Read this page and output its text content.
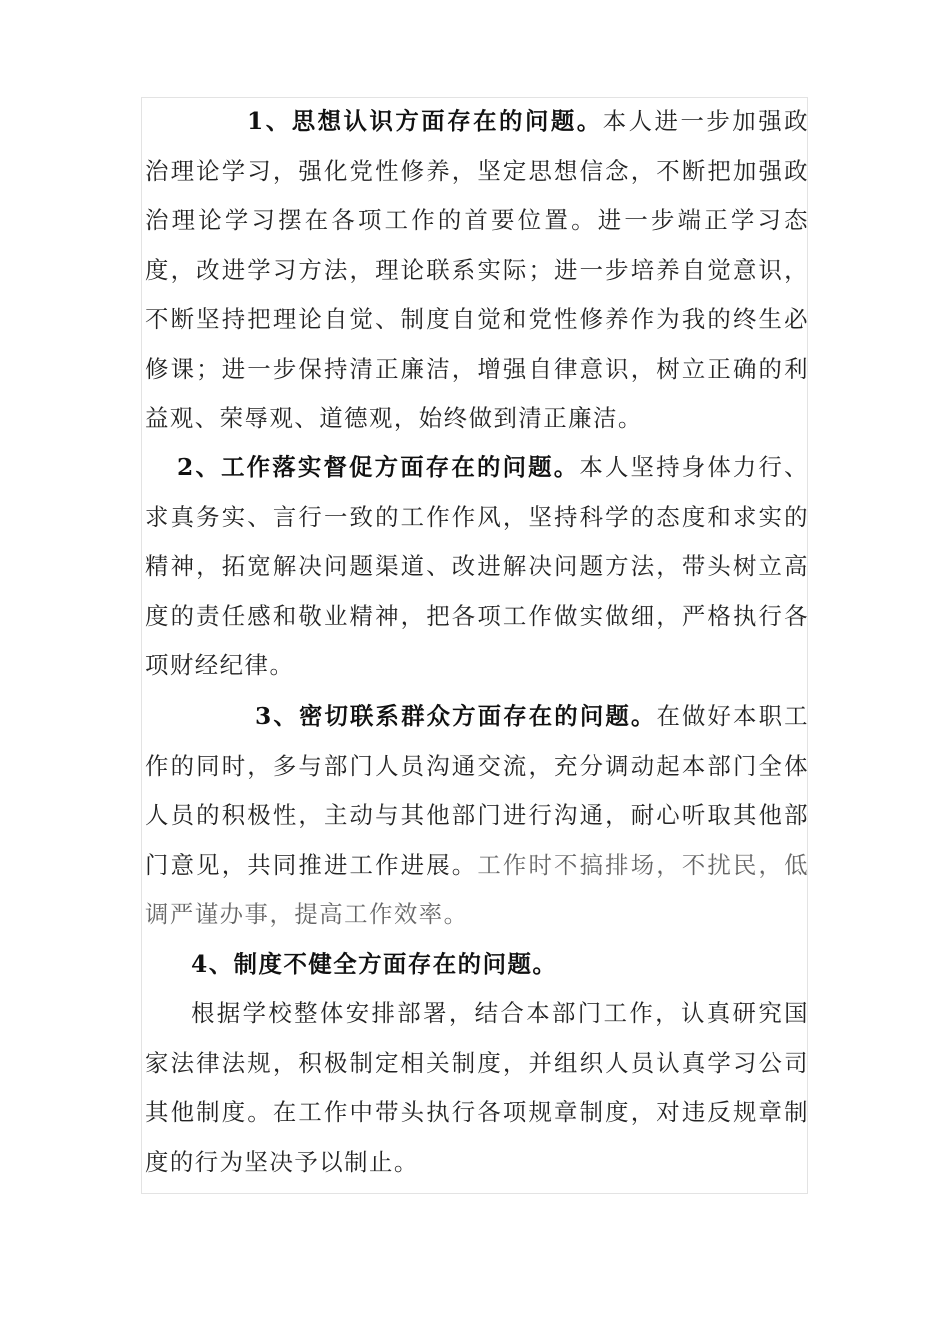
1、思想认识方面存在的问题。本人进一步加强政治理论学习，强化党性修养，坚定思想信念，不断把加强政治理论学习摆在各项工作的首要位置。进一步端正学习态度，改进学习方法，理论联系实际；进一步培养自觉意识，不断坚持把理论自觉、制度自觉和党性修养作为我的终生必修课；进一步保持清正廉洁，增强自律意识，树立正确的利益观、荣辱观、道德观，始终做到清正廉洁。

2、工作落实督促方面存在的问题。本人坚持身体力行、求真务实、言行一致的工作作风，坚持科学的态度和求实的精神，拓宽解决问题渠道、改进解决问题方法，带头树立高度的责任感和敬业精神，把各项工作做实做细，严格执行各项财经纪律。

3、密切联系群众方面存在的问题。在做好本职工作的同时，多与部门人员沟通交流，充分调动起本部门全体人员的积极性，主动与其他部门进行沟通，耐心听取其他部门意见，共同推进工作进展。工作时不搞排场，不扰民，低调严谨办事，提高工作效率。

4、制度不健全方面存在的问题。

根据学校整体安排部署，结合本部门工作，认真研究国家法律法规，积极制定相关制度，并组织人员认真学习公司其他制度。在工作中带头执行各项规章制度，对违反规章制度的行为坚决予以制止。
